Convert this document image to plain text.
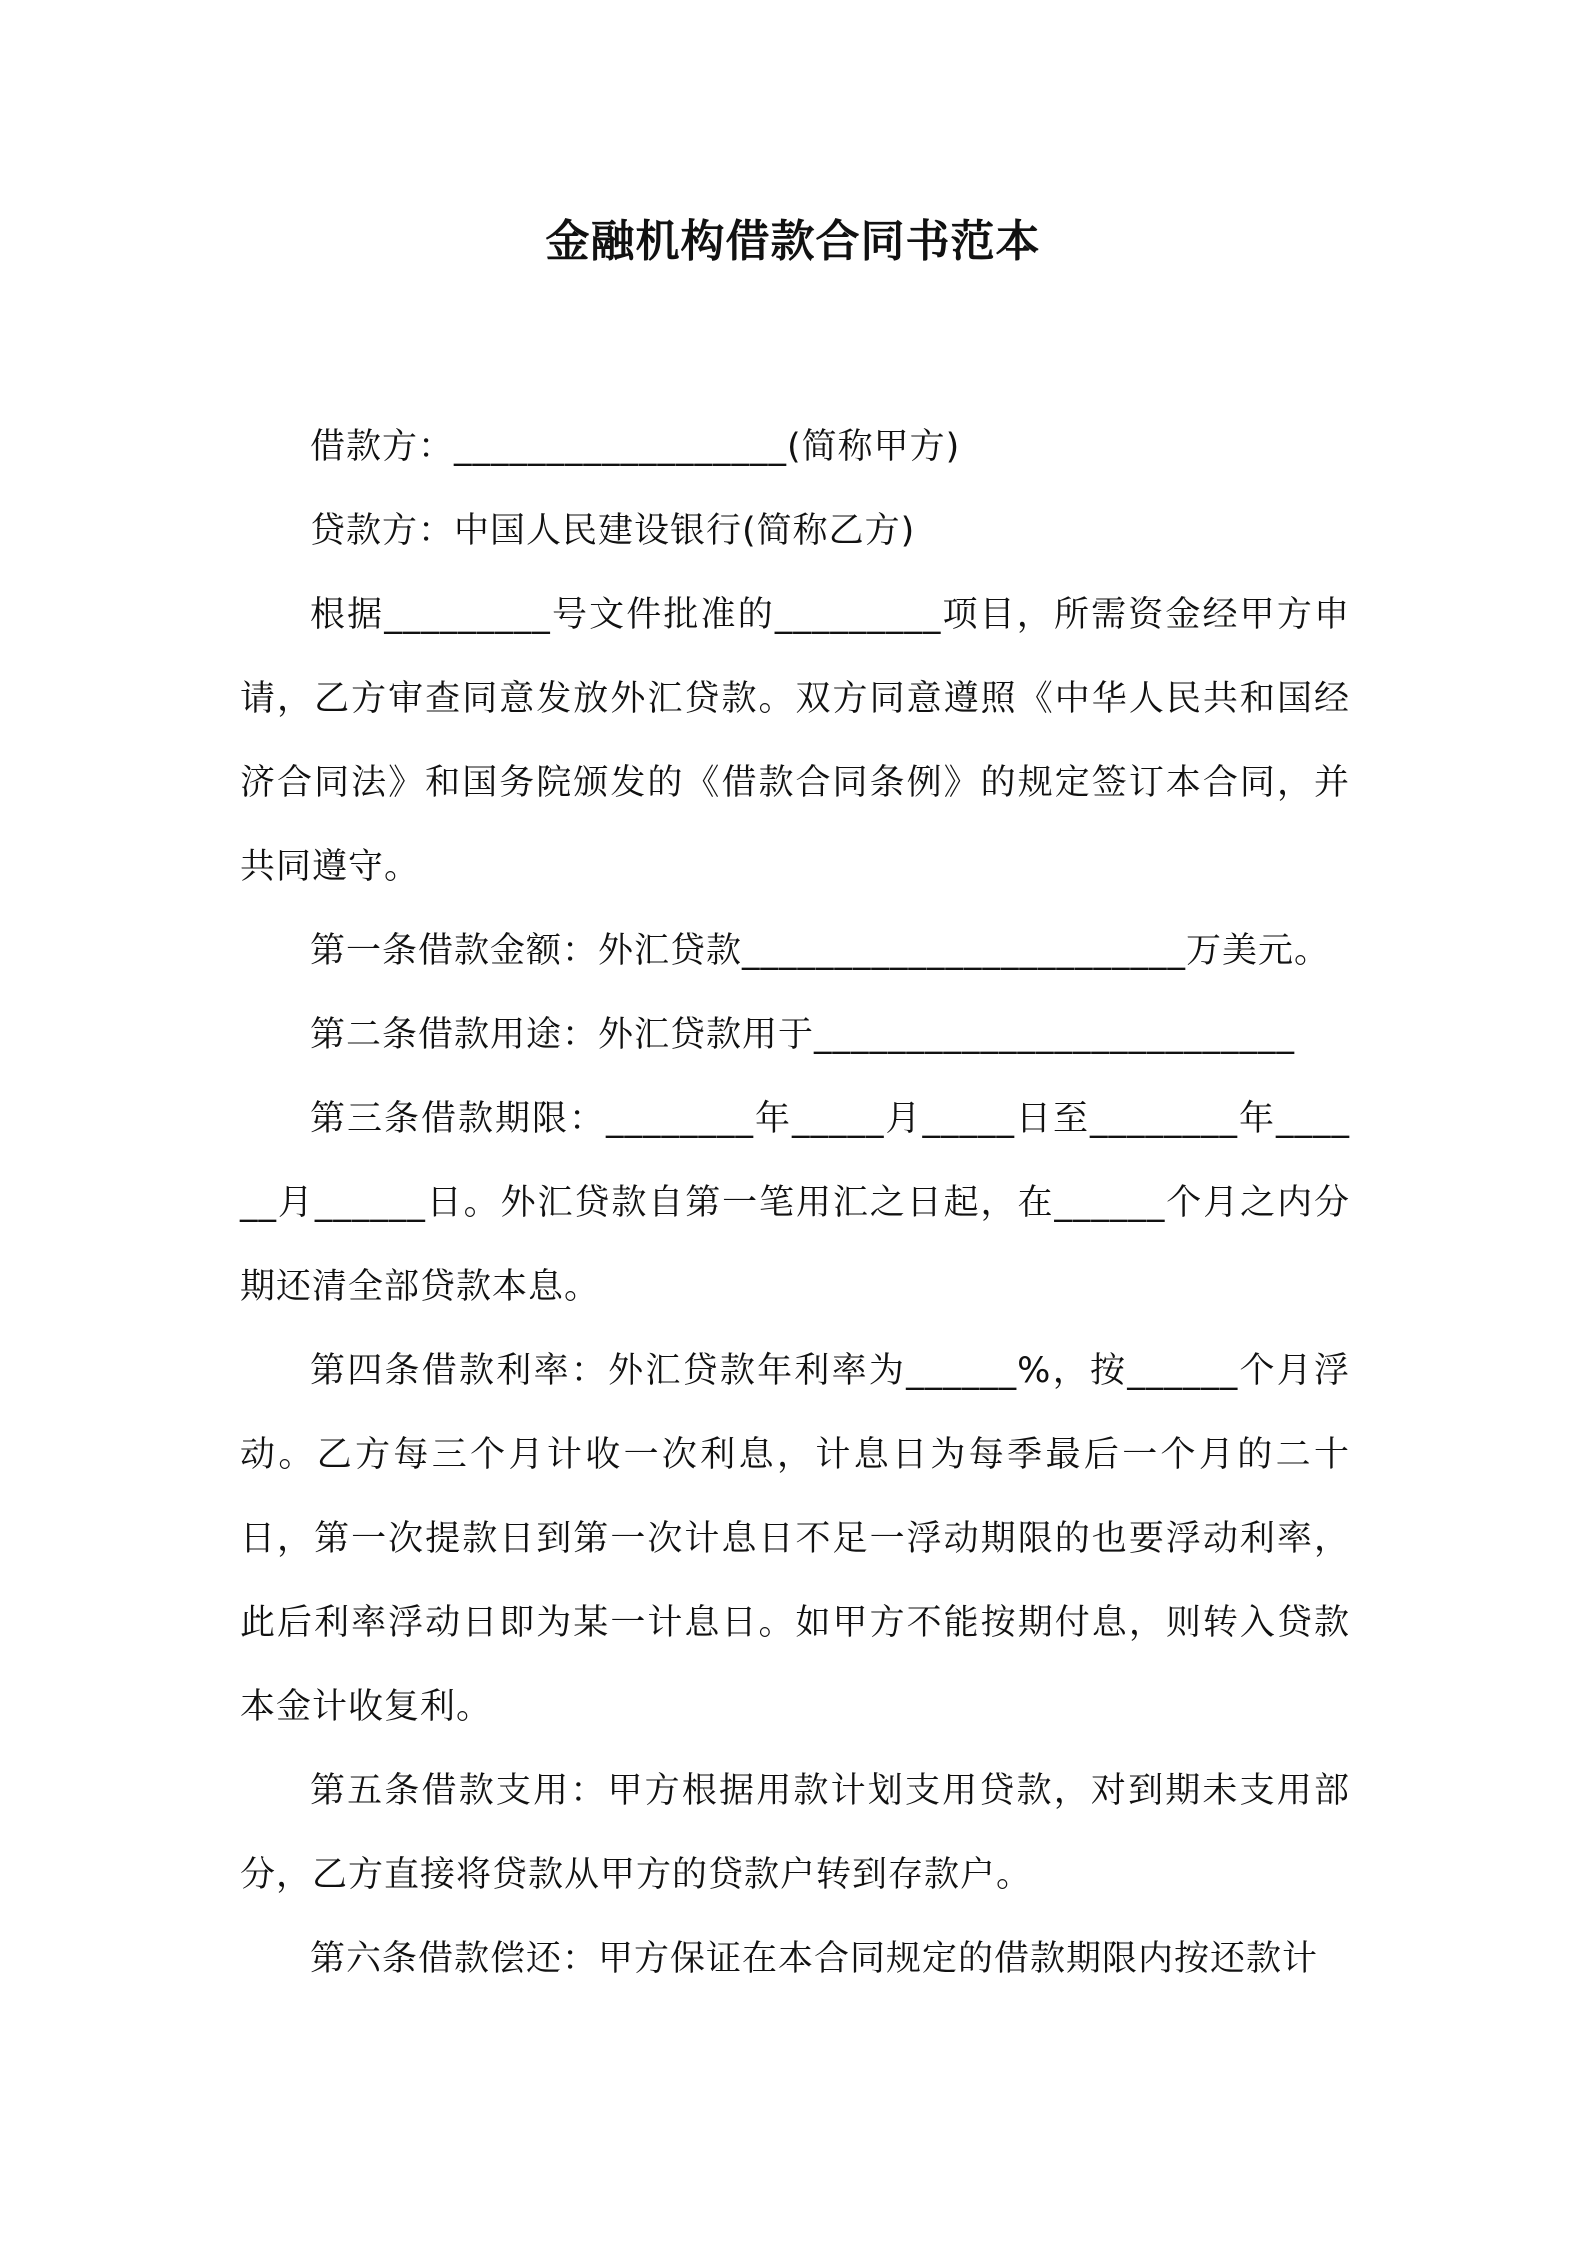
金融机构借款合同书范本

借款方：__________________(简称甲方)

贷款方：中国人民建设银行(简称乙方)

根据_________号文件批准的_________项目，所需资金经甲方申请，乙方审查同意发放外汇贷款。双方同意遵照《中华人民共和国经济合同法》和国务院颁发的《借款合同条例》的规定签订本合同，并共同遵守。

第一条借款金额：外汇贷款________________________万美元。

第二条借款用途：外汇贷款用于__________________________

第三条借款期限：________年_____月_____日至________年______月______日。外汇贷款自第一笔用汇之日起，在______个月之内分期还清全部贷款本息。

第四条借款利率：外汇贷款年利率为______%，按______个月浮动。乙方每三个月计收一次利息，计息日为每季最后一个月的二十日，第一次提款日到第一次计息日不足一浮动期限的也要浮动利率，此后利率浮动日即为某一计息日。如甲方不能按期付息，则转入贷款本金计收复利。

第五条借款支用：甲方根据用款计划支用贷款，对到期未支用部分，乙方直接将贷款从甲方的贷款户转到存款户。

第六条借款偿还：甲方保证在本合同规定的借款期限内按还款计
